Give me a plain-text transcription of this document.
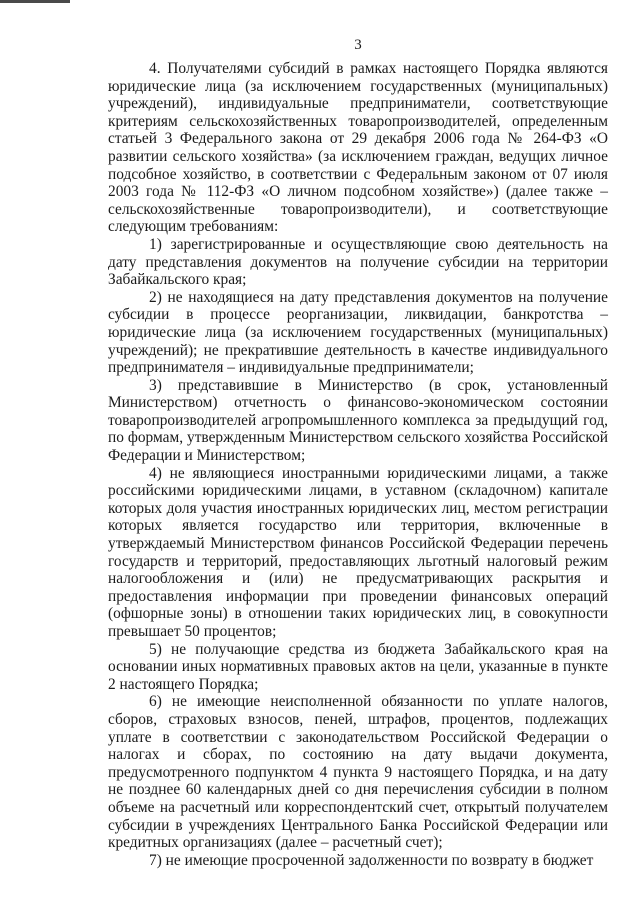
3

4. Получателями субсидий в рамках настоящего Порядка являются юридические лица (за исключением государственных (муниципальных) учреждений), индивидуальные предприниматели, соответствующие критериям сельскохозяйственных товаропроизводителей, определенным статьей 3 Федерального закона от 29 декабря 2006 года № 264-ФЗ «О развитии сельского хозяйства» (за исключением граждан, ведущих личное подсобное хозяйство, в соответствии с Федеральным законом от 07 июля 2003 года № 112-ФЗ «О личном подсобном хозяйстве») (далее также – сельскохозяйственные товаропроизводители), и соответствующие следующим требованиям:

1) зарегистрированные и осуществляющие свою деятельность на дату представления документов на получение субсидии на территории Забайкальского края;

2) не находящиеся на дату представления документов на получение субсидии в процессе реорганизации, ликвидации, банкротства – юридические лица (за исключением государственных (муниципальных) учреждений); не прекратившие деятельность в качестве индивидуального предпринимателя – индивидуальные предприниматели;

3) представившие в Министерство (в срок, установленный Министерством) отчетность о финансово-экономическом состоянии товаропроизводителей агропромышленного комплекса за предыдущий год, по формам, утвержденным Министерством сельского хозяйства Российской Федерации и Министерством;

4) не являющиеся иностранными юридическими лицами, а также российскими юридическими лицами, в уставном (складочном) капитале которых доля участия иностранных юридических лиц, местом регистрации которых является государство или территория, включенные в утверждаемый Министерством финансов Российской Федерации перечень государств и территорий, предоставляющих льготный налоговый режим налогообложения и (или) не предусматривающих раскрытия и предоставления информации при проведении финансовых операций (офшорные зоны) в отношении таких юридических лиц, в совокупности превышает 50 процентов;

5) не получающие средства из бюджета Забайкальского края на основании иных нормативных правовых актов на цели, указанные в пункте 2 настоящего Порядка;

6) не имеющие неисполненной обязанности по уплате налогов, сборов, страховых взносов, пеней, штрафов, процентов, подлежащих уплате в соответствии с законодательством Российской Федерации о налогах и сборах, по состоянию на дату выдачи документа, предусмотренного подпунктом 4 пункта 9 настоящего Порядка, и на дату не позднее 60 календарных дней со дня перечисления субсидии в полном объеме на расчетный или корреспондентский счет, открытый получателем субсидии в учреждениях Центрального Банка Российской Федерации или кредитных организациях (далее – расчетный счет);

7) не имеющие просроченной задолженности по возврату в бюджет
